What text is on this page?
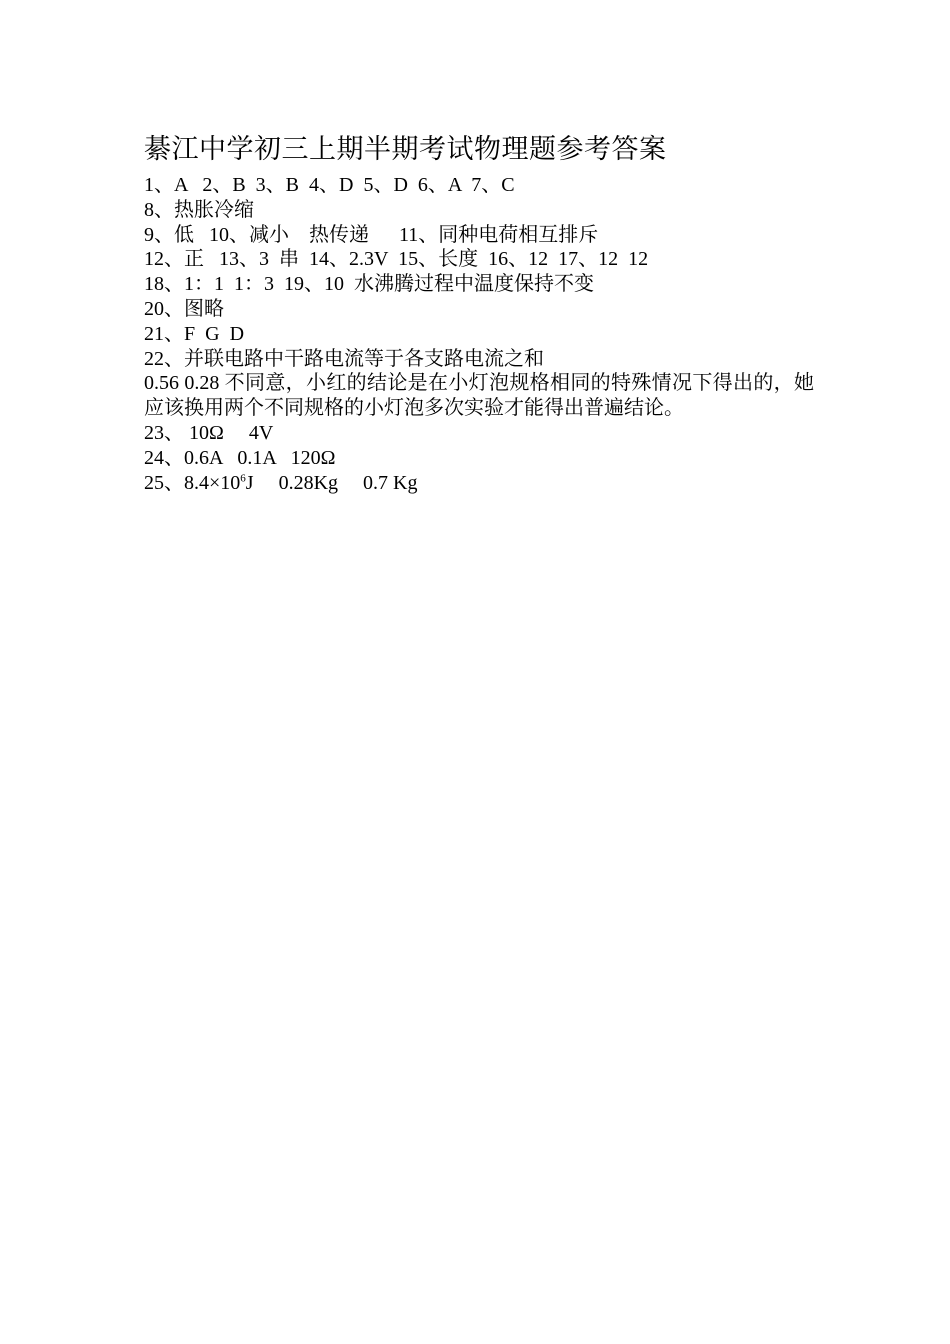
綦江中学初三上期半期考试物理题参考答案
1、A   2、B  3、B  4、D  5、D  6、A  7、C
8、热胀冷缩
9、低   10、减小    热传递      11、同种电荷相互排斥
12、正   13、3  串  14、2.3V  15、长度  16、12  17、12  12
18、1：1  1：3  19、10  水沸腾过程中温度保持不变
20、图略
21、F  G  D
22、并联电路中干路电流等于各支路电流之和
0.56 0.28 不同意，小红的结论是在小灯泡规格相同的特殊情况下得出的，她应该换用两个不同规格的小灯泡多次实验才能得出普遍结论。
23、 10Ω     4V
24、0.6A   0.1A   120Ω
25、$8.4\times 10^6J$     0.28Kg     0.7 Kg
